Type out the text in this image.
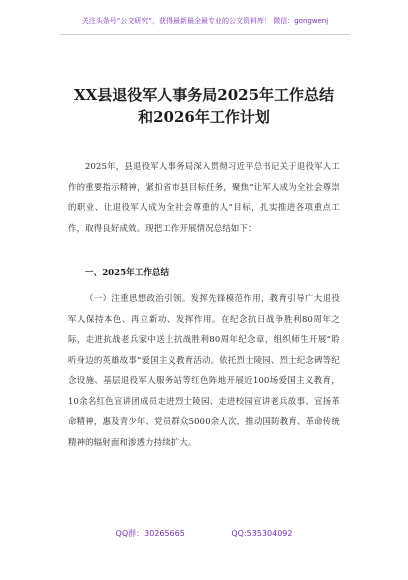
关注头条号“公文研究”，获得最新最全最专业的公文资料库！ 微信：gongwenj
XX县退役军人事务局2025年工作总结
和2026年工作计划

2025年，县退役军人事务局深入贯彻习近平总书记关于退役军人工作的重要指示精神，紧扣省市县目标任务，聚焦“让军人成为全社会尊崇的职业、让退役军人成为全社会尊重的人”目标，扎实推进各项重点工作，取得良好成效。现把工作开展情况总结如下：

一、2025年工作总结

（一）注重思想政治引领。发挥先锋模范作用，教育引导广大退役军人保持本色、再立新功、发挥作用。在纪念抗日战争胜利80周年之际，走进抗战老兵家中送上抗战胜利80周年纪念章，组织师生开展“聆听身边的英雄故事”爱国主义教育活动。依托烈士陵园、烈士纪念碑等纪念设施、基层退役军人服务站等红色阵地开展近100场爱国主义教育，10余名红色宣讲团成员走进烈士陵园、走进校园宣讲老兵故事、宣扬革命精神，惠及青少年、党员群众5000余人次，推动国防教育、革命传统精神的辐射面和渗透力持续扩大。

QQ群：30265665	QQ:535304092
